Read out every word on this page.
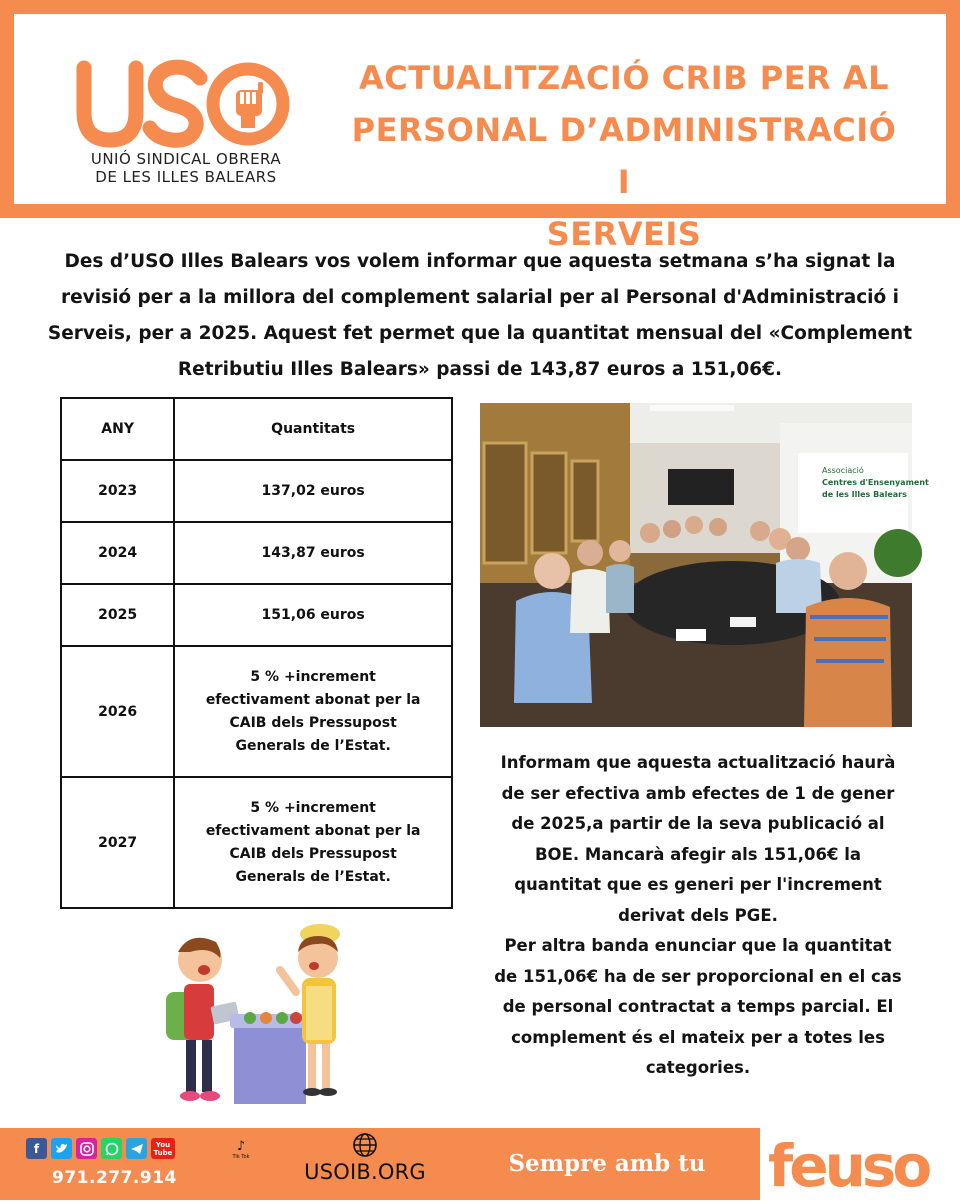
UNIÓ SINDICAL OBRERA
DE LES ILLES BALEARS
ACTUALITZACIÓ CRIB PER AL
PERSONAL D’ADMINISTRACIÓ I
SERVEIS
Des d’USO Illes Balears vos volem informar que aquesta setmana s’ha signat la
revisió per a la millora del complement salarial per al Personal d'Administració i
Serveis, per a 2025. Aquest fet permet que la quantitat mensual del «Complement
Retributiu Illes Balears» passi de 143,87 euros a 151,06€.
ANY	Quantitats
2023	137,02 euros
2024	143,87 euros
2025	151,06 euros
2026	5 % +increment
efectivament abonat per la
CAIB dels Pressupost
Generals de l’Estat.

2027	5 % +increment
efectivament abonat per la
CAIB dels Pressupost
Generals de l’Estat.
Associació
Centres d'Ensenyament
de les Illes Balears
Informam que aquesta actualització haurà
de ser efectiva amb efectes de 1 de gener
de 2025,a partir de la seva publicació al
BOE. Mancarà afegir als 151,06€ la
quantitat que es generi per l'increment
derivat dels PGE.
Per altra banda enunciar que la quantitat
de 151,06€ ha de ser proporcional en el cas
de personal contractat a temps parcial. El
complement és el mateix per a totes les
categories.
f	You
Tube	♪
Tik Tok
971.277.914	USOIB.ORG	Sempre amb tu feuso
